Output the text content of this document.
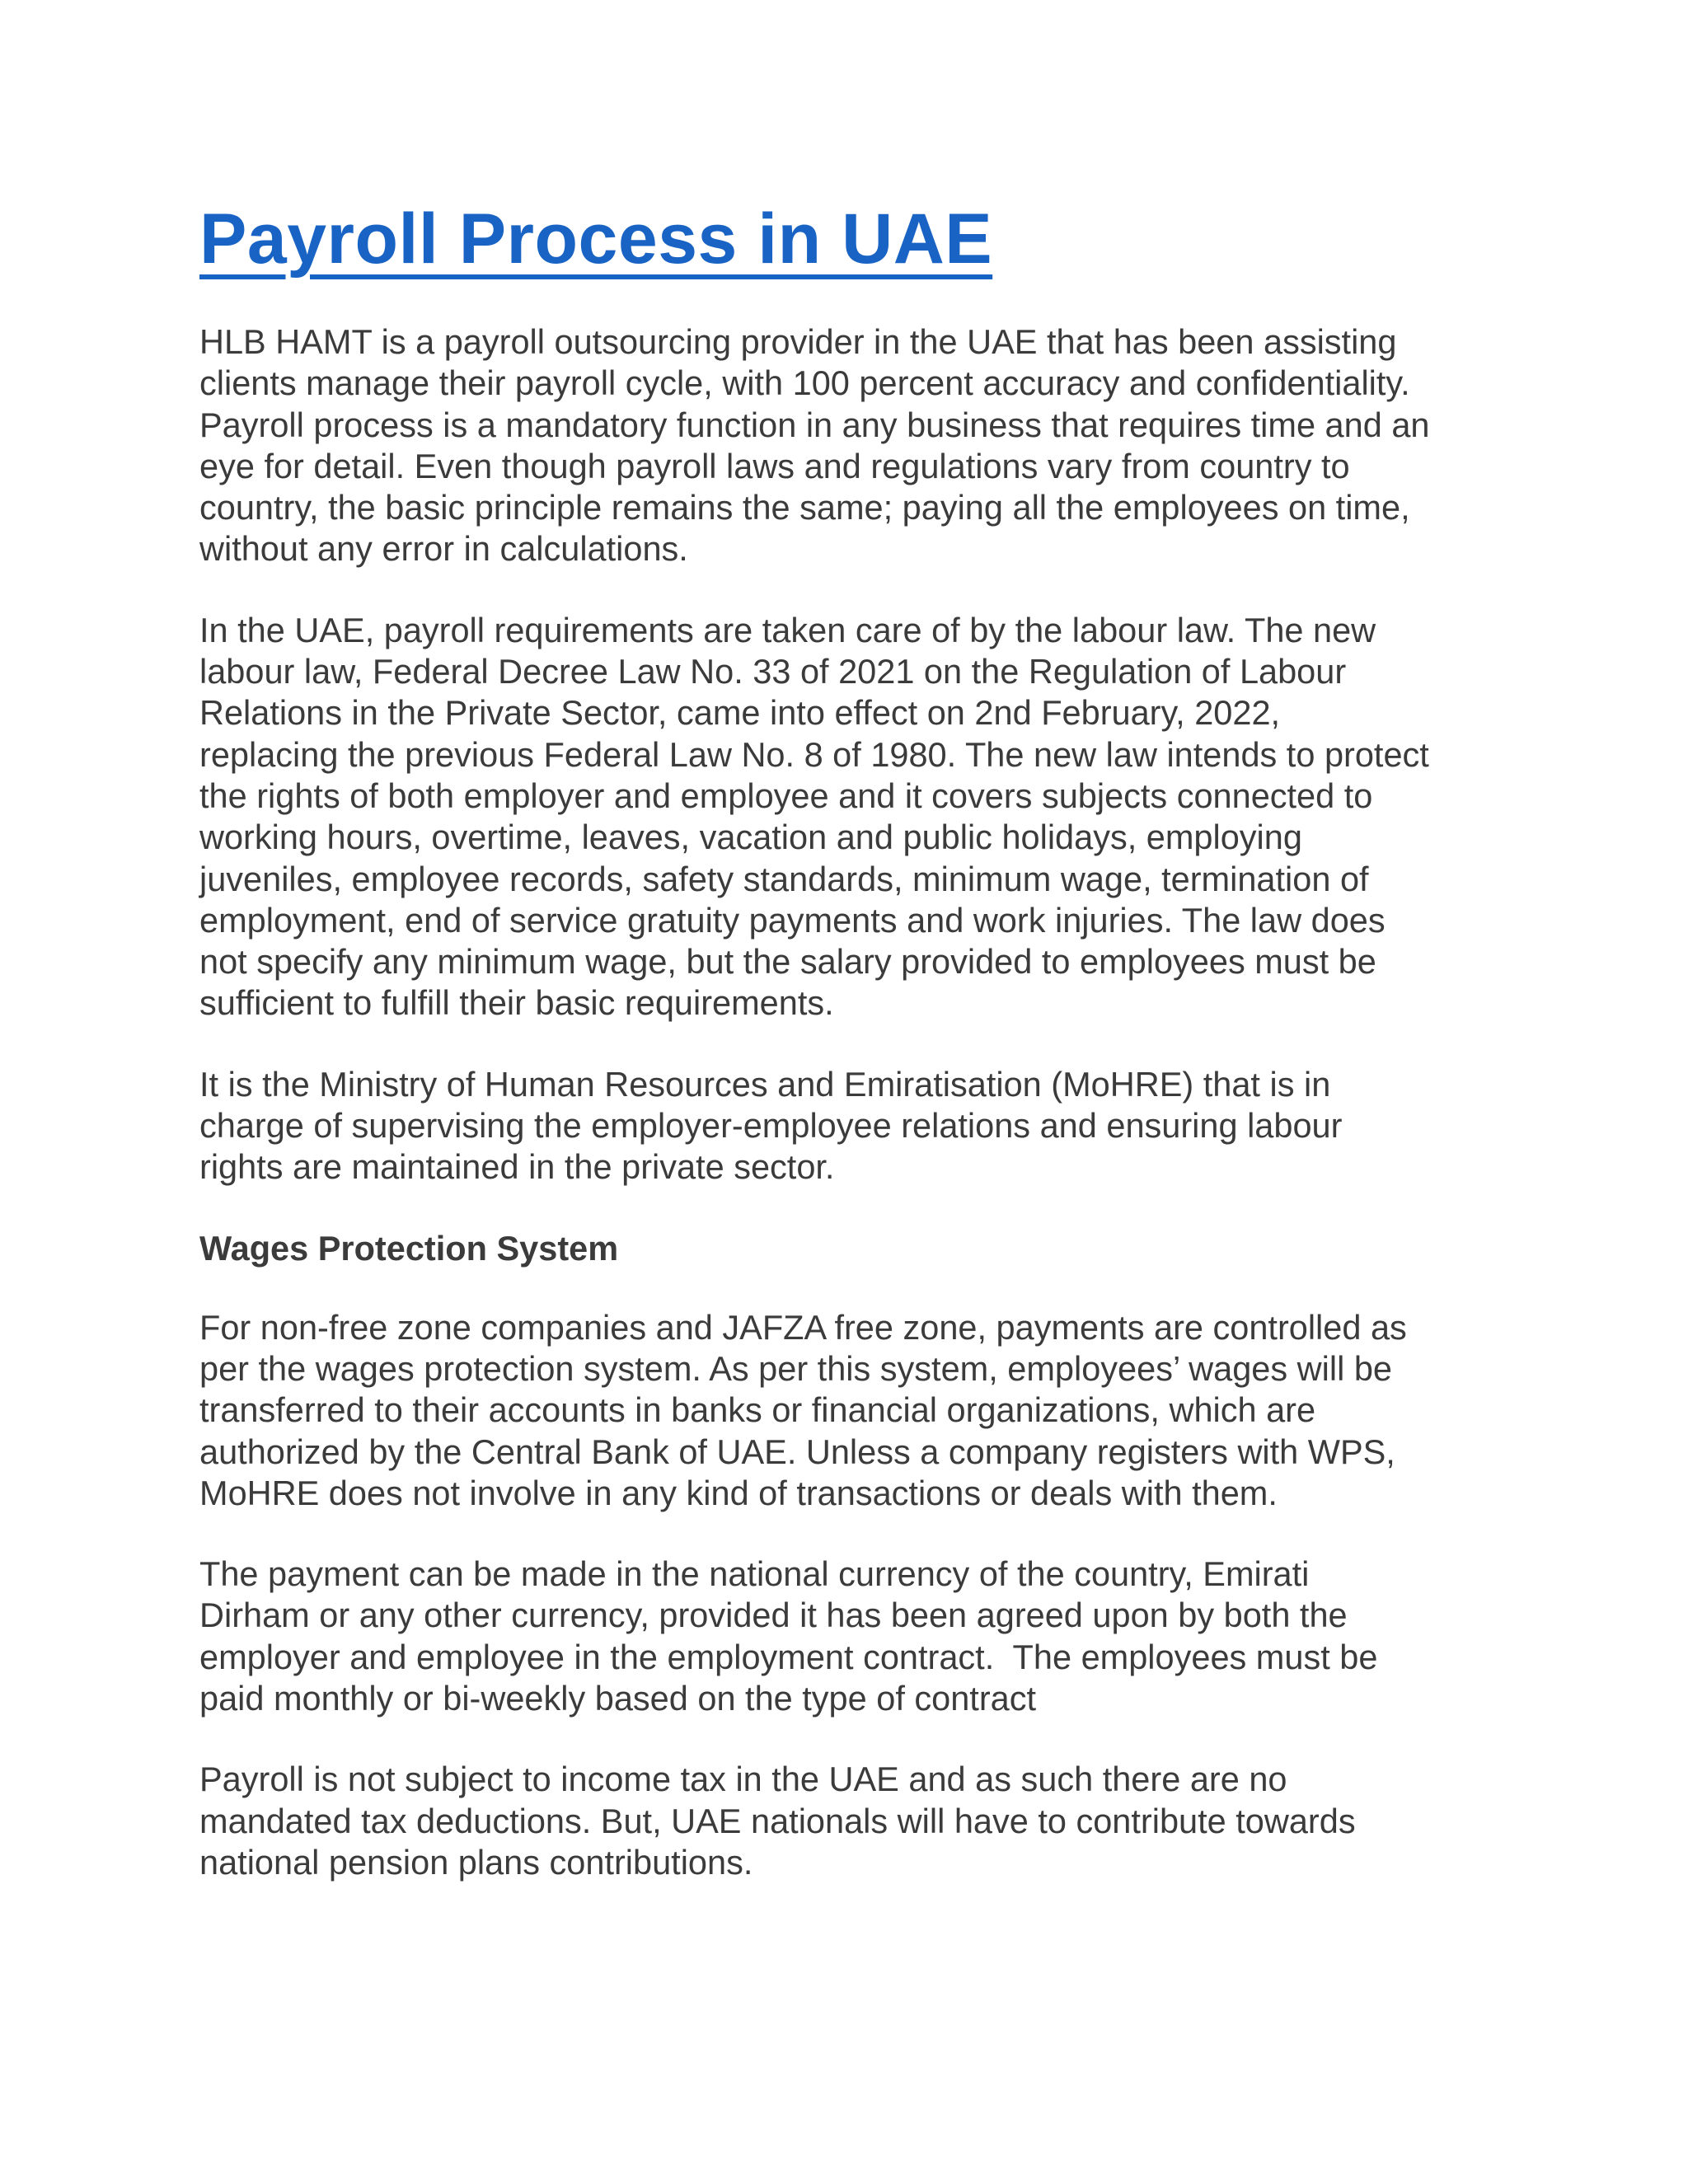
Payroll Process in UAE

HLB HAMT is a payroll outsourcing provider in the UAE that has been assisting
clients manage their payroll cycle, with 100 percent accuracy and confidentiality.
Payroll process is a mandatory function in any business that requires time and an
eye for detail. Even though payroll laws and regulations vary from country to
country, the basic principle remains the same; paying all the employees on time,
without any error in calculations.

In the UAE, payroll requirements are taken care of by the labour law. The new
labour law, Federal Decree Law No. 33 of 2021 on the Regulation of Labour
Relations in the Private Sector, came into effect on 2nd February, 2022,
replacing the previous Federal Law No. 8 of 1980. The new law intends to protect
the rights of both employer and employee and it covers subjects connected to
working hours, overtime, leaves, vacation and public holidays, employing
juveniles, employee records, safety standards, minimum wage, termination of
employment, end of service gratuity payments and work injuries. The law does
not specify any minimum wage, but the salary provided to employees must be
sufficient to fulfill their basic requirements.

It is the Ministry of Human Resources and Emiratisation (MoHRE) that is in
charge of supervising the employer-employee relations and ensuring labour
rights are maintained in the private sector.

Wages Protection System

For non-free zone companies and JAFZA free zone, payments are controlled as
per the wages protection system. As per this system, employees’ wages will be
transferred to their accounts in banks or financial organizations, which are
authorized by the Central Bank of UAE. Unless a company registers with WPS,
MoHRE does not involve in any kind of transactions or deals with them.

The payment can be made in the national currency of the country, Emirati
Dirham or any other currency, provided it has been agreed upon by both the
employer and employee in the employment contract.  The employees must be
paid monthly or bi-weekly based on the type of contract

Payroll is not subject to income tax in the UAE and as such there are no
mandated tax deductions. But, UAE nationals will have to contribute towards
national pension plans contributions.
